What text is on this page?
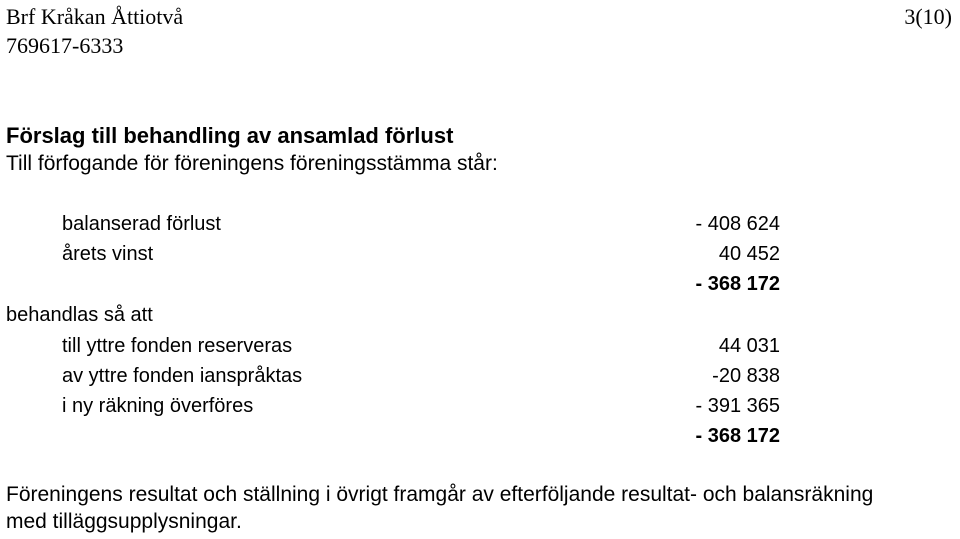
Brf Kråkan Åttiotvå
769617-6333
3(10)
Förslag till behandling av ansamlad förlust
Till förfogande för föreningens föreningsstämma står:
balanserad förlust	- 408 624
årets vinst	40 452
- 368 172
behandlas så att
till yttre fonden reserveras	44 031
av yttre fonden ianspråktas	-20 838
i ny räkning överföres	- 391 365
- 368 172
Föreningens resultat och ställning i övrigt framgår av efterföljande resultat- och balansräkning
med tilläggsupplysningar.
